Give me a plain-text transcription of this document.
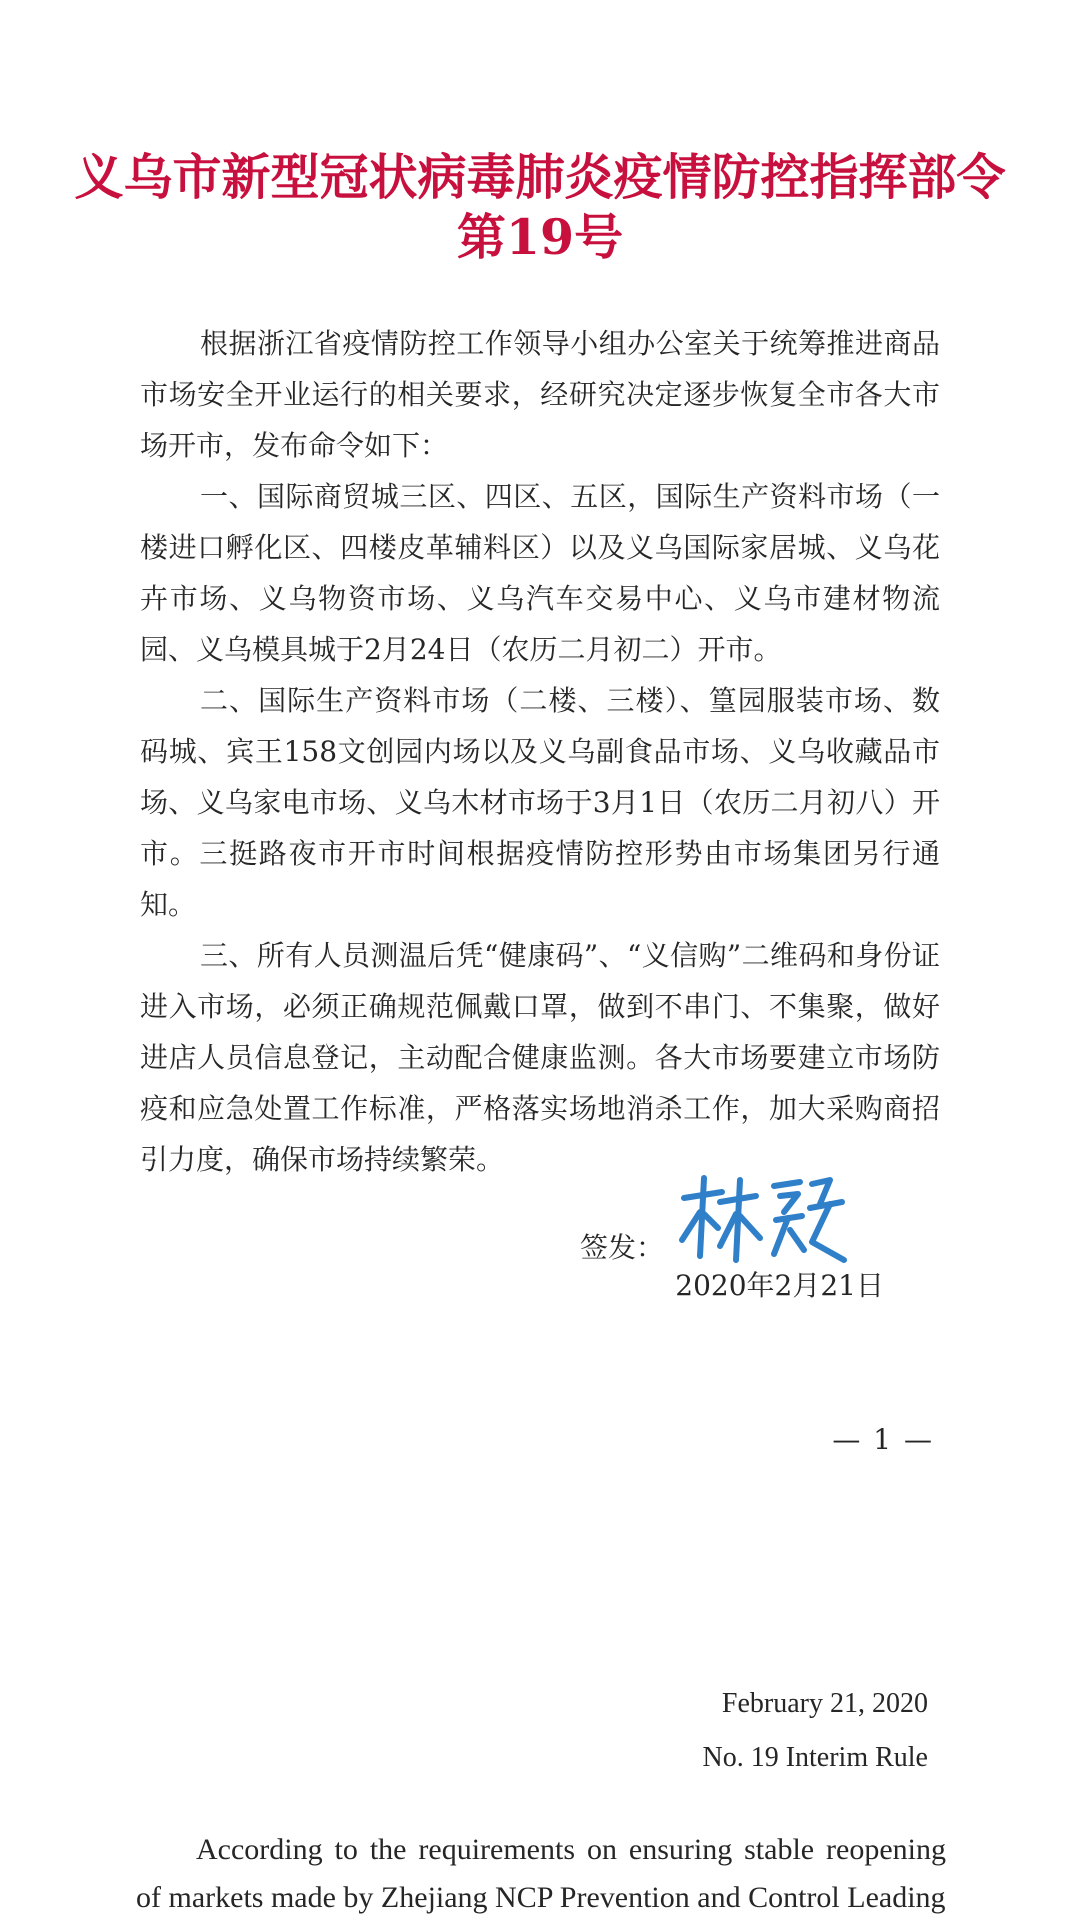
义乌市新型冠状病毒肺炎疫情防控指挥部令
第19号

根据浙江省疫情防控工作领导小组办公室关于统筹推进商品市场安全开业运行的相关要求，经研究决定逐步恢复全市各大市场开市，发布命令如下：

一、国际商贸城三区、四区、五区，国际生产资料市场（一楼进口孵化区、四楼皮革辅料区）以及义乌国际家居城、义乌花卉市场、义乌物资市场、义乌汽车交易中心、义乌市建材物流园、义乌模具城于2月24日（农历二月初二）开市。

二、国际生产资料市场（二楼、三楼）、篁园服装市场、数码城、宾王158文创园内场以及义乌副食品市场、义乌收藏品市场、义乌家电市场、义乌木材市场于3月1日（农历二月初八）开市。三挺路夜市开市时间根据疫情防控形势由市场集团另行通知。

三、所有人员测温后凭“健康码”、“义信购”二维码和身份证进入市场，必须正确规范佩戴口罩，做到不串门、不集聚，做好进店人员信息登记，主动配合健康监测。各大市场要建立市场防疫和应急处置工作标准，严格落实场地消杀工作，加大采购商招引力度，确保市场持续繁荣。

签发：
2020年2月21日
— 1 —
February 21, 2020
No. 19 Interim Rule

According to the requirements on ensuring stable reopening of markets made by Zhejiang NCP Prevention and Control Leading
